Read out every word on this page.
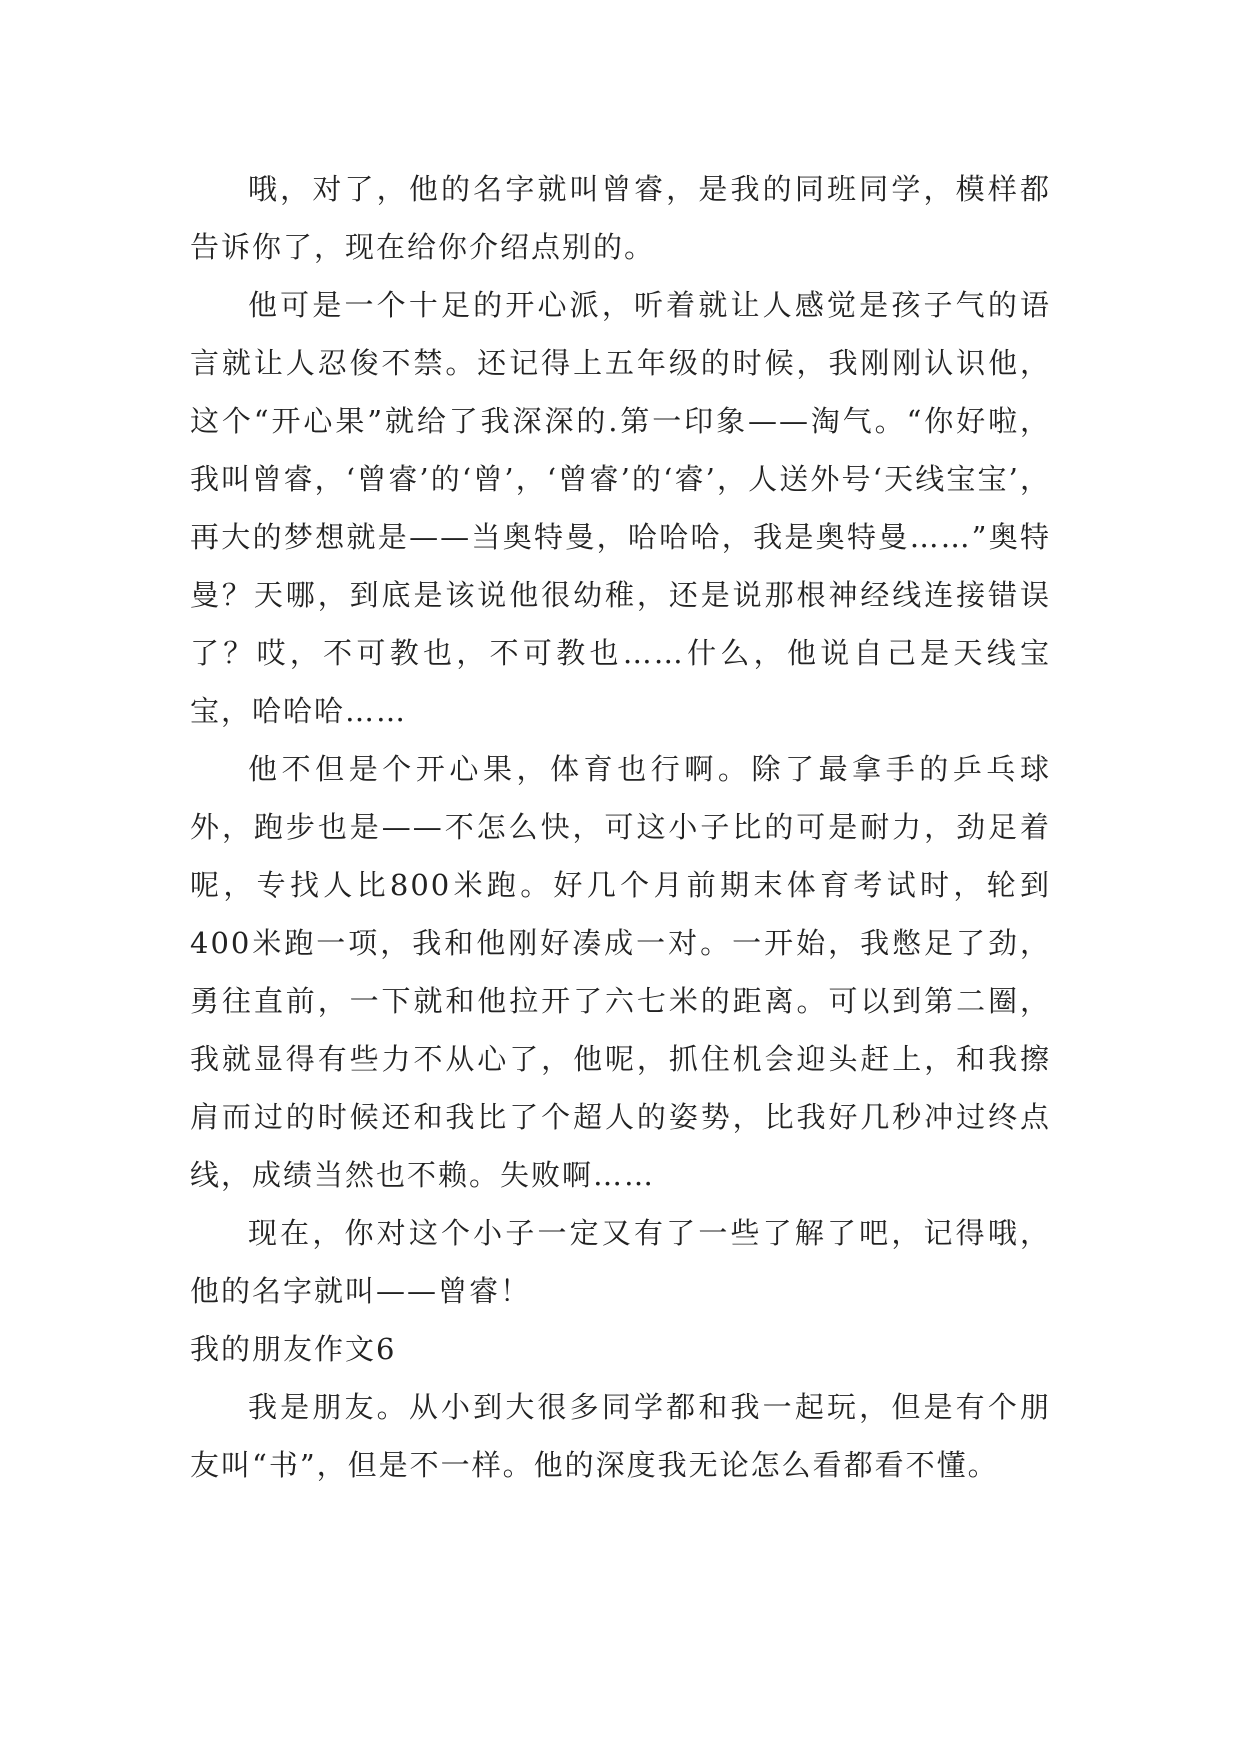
哦，对了，他的名字就叫曾睿，是我的同班同学，模样都告诉你了，现在给你介绍点别的。

他可是一个十足的开心派，听着就让人感觉是孩子气的语言就让人忍俊不禁。还记得上五年级的时候，我刚刚认识他，这个“开心果”就给了我深深的.第一印象——淘气。“你好啦，我叫曾睿，‘曾睿’的‘曾’，‘曾睿’的‘睿’，人送外号‘天线宝宝’，再大的梦想就是——当奥特曼，哈哈哈，我是奥特曼……”奥特曼？天哪，到底是该说他很幼稚，还是说那根神经线连接错误了？哎，不可教也，不可教也……什么，他说自己是天线宝宝，哈哈哈……

他不但是个开心果，体育也行啊。除了最拿手的乒乓球外，跑步也是——不怎么快，可这小子比的可是耐力，劲足着呢，专找人比800米跑。好几个月前期末体育考试时，轮到400米跑一项，我和他刚好凑成一对。一开始，我憋足了劲，勇往直前，一下就和他拉开了六七米的距离。可以到第二圈，我就显得有些力不从心了，他呢，抓住机会迎头赶上，和我擦肩而过的时候还和我比了个超人的姿势，比我好几秒冲过终点线，成绩当然也不赖。失败啊……

现在，你对这个小子一定又有了一些了解了吧，记得哦，他的名字就叫——曾睿！

我的朋友作文6

我是朋友。从小到大很多同学都和我一起玩，但是有个朋友叫“书”，但是不一样。他的深度我无论怎么看都看不懂。
